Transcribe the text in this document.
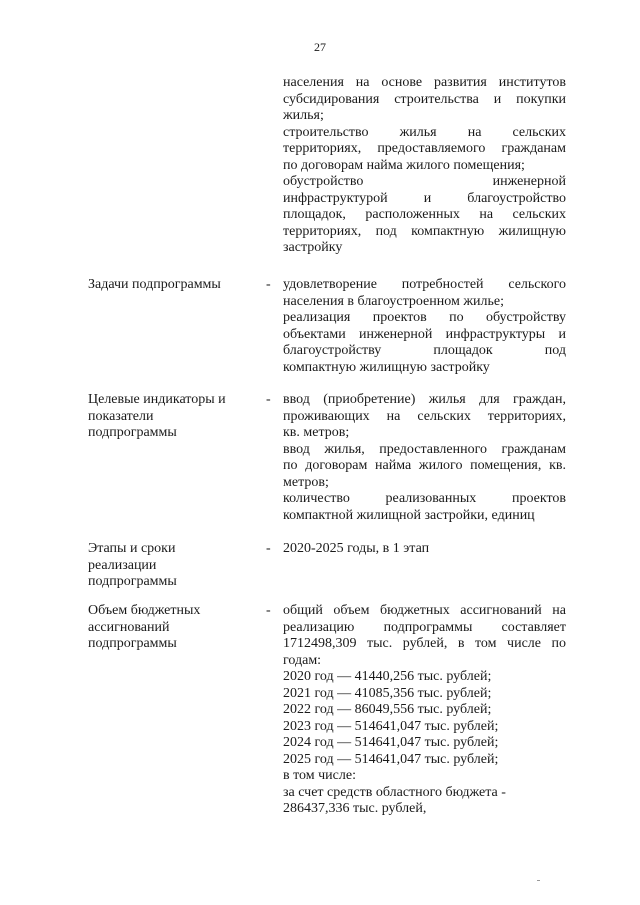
27
населения на основе развития институтов
субсидирования строительства и покупки
жилья;
строительство жилья на сельских
территориях, предоставляемого гражданам
по договорам найма жилого помещения;
обустройство инженерной
инфраструктурой и благоустройство
площадок, расположенных на сельских
территориях, под компактную жилищную
застройку
Задачи подпрограммы	- удовлетворение потребностей сельского
населения в благоустроенном жилье;
реализация проектов по обустройству
объектами инженерной инфраструктуры и
благоустройству площадок под
компактную жилищную застройку
Целевые индикаторы и
показатели
подпрограммы
- ввод (приобретение) жилья для граждан,
проживающих на сельских территориях,
кв. метров;
ввод жилья, предоставленного гражданам
по договорам найма жилого помещения, кв.
метров;
количество реализованных проектов
компактной жилищной застройки, единиц
Этапы и сроки
реализации
подпрограммы
- 2020-2025 годы, в 1 этап
Объем бюджетных
ассигнований
подпрограммы
- общий объем бюджетных ассигнований на
реализацию подпрограммы составляет
1712498,309 тыс. рублей, в том числе по
годам:
2020 год — 41440,256 тыс. рублей;
2021 год — 41085,356 тыс. рублей;
2022 год — 86049,556 тыс. рублей;
2023 год — 514641,047 тыс. рублей;
2024 год — 514641,047 тыс. рублей;
2025 год — 514641,047 тыс. рублей;
в том числе:
за счет средств областного бюджета -
286437,336 тыс. рублей,
